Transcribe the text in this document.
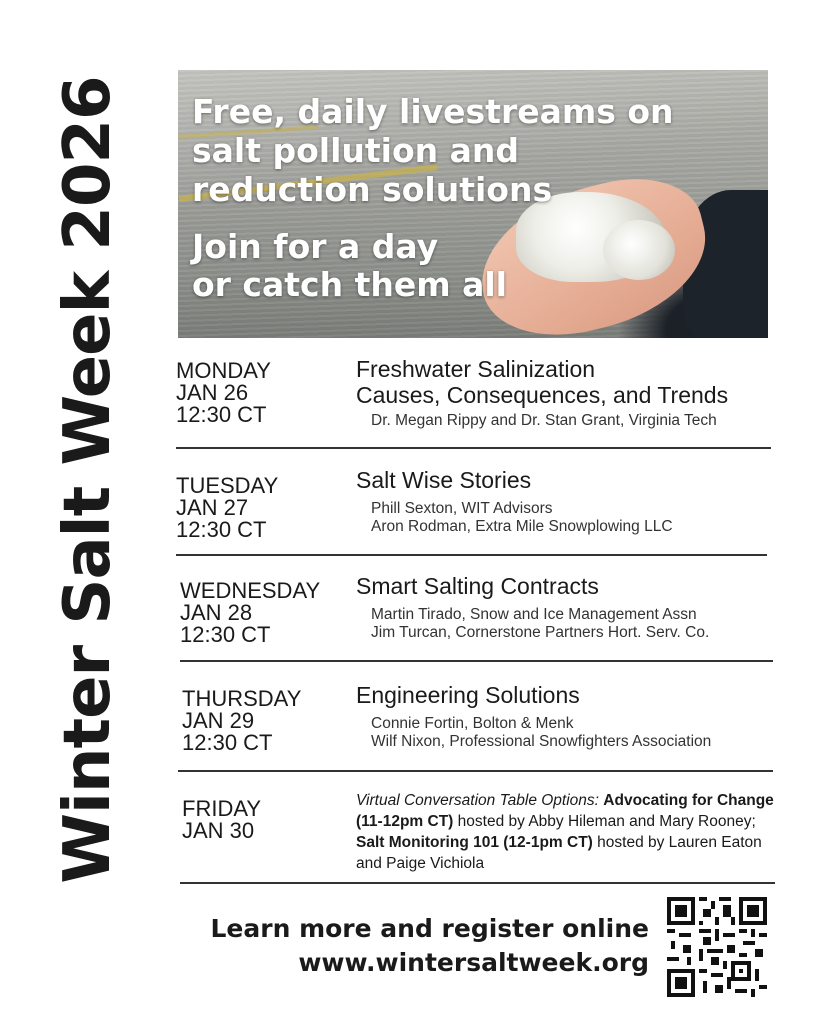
Winter Salt Week 2026 Free, daily livestreams on
salt pollution and
reduction solutions

Join for a day
or catch them all

MONDAY
JAN 26
12:30 CT
Freshwater Salinization
Causes, Consequences, and Trends
Dr. Megan Rippy and Dr. Stan Grant, Virginia Tech
TUESDAY
JAN 27
12:30 CT
Salt Wise Stories
Phill Sexton, WIT Advisors
Aron Rodman, Extra Mile Snowplowing LLC
WEDNESDAY
JAN 28
12:30 CT
Smart Salting Contracts
Martin Tirado, Snow and Ice Management Assn
Jim Turcan, Cornerstone Partners Hort. Serv. Co.
THURSDAY
JAN 29
12:30 CT
Engineering Solutions
Connie Fortin, Bolton & Menk
Wilf Nixon, Professional Snowfighters Association
FRIDAY
JAN 30
Virtual Conversation Table Options: Advocating for Change (11-12pm CT) hosted by Abby Hileman and Mary Rooney; Salt Monitoring 101 (12-1pm CT) hosted by Lauren Eaton and Paige Vichiola
Learn more and register online
www.wintersaltweek.org
